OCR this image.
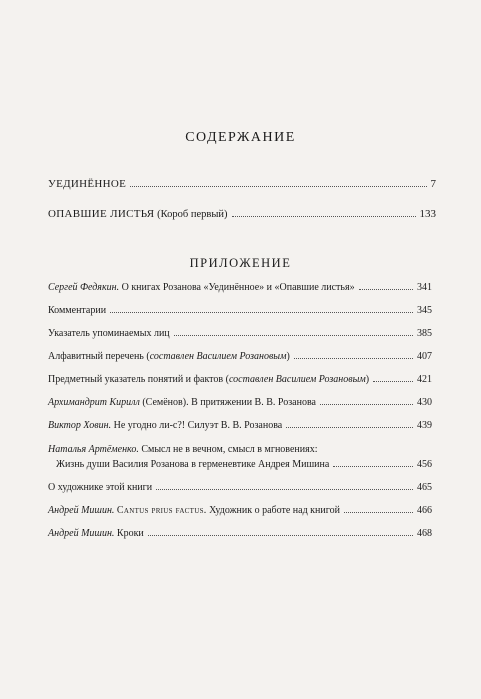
СОДЕРЖАНИЕ
УЕДИНЁННОЕ	7
ОПАВШИЕ ЛИСТЬЯ (Короб первый)	133
ПРИЛОЖЕНИЕ
Сергей Федякин. О книгах Розанова «Уединённое» и «Опавшие листья»	341
Комментарии	345
Указатель упоминаемых лиц	385
Алфавитный перечень (составлен Василием Розановым)	407
Предметный указатель понятий и фактов (составлен Василием Розановым)	421
Архимандрит Кирилл (Семёнов). В притяжении В. В. Розанова	430
Виктор Ховин. Не угодно ли-с?! Силуэт В. В. Розанова	439
Наталья Артёменко. Смысл не в вечном, смысл в мгновениях:
Жизнь души Василия Розанова в герменевтике Андрея Мишина	456
О художнике этой книги	465
Андрей Мишин. Cantus prius factus. Художник о работе над книгой	466
Андрей Мишин. Кроки	468
